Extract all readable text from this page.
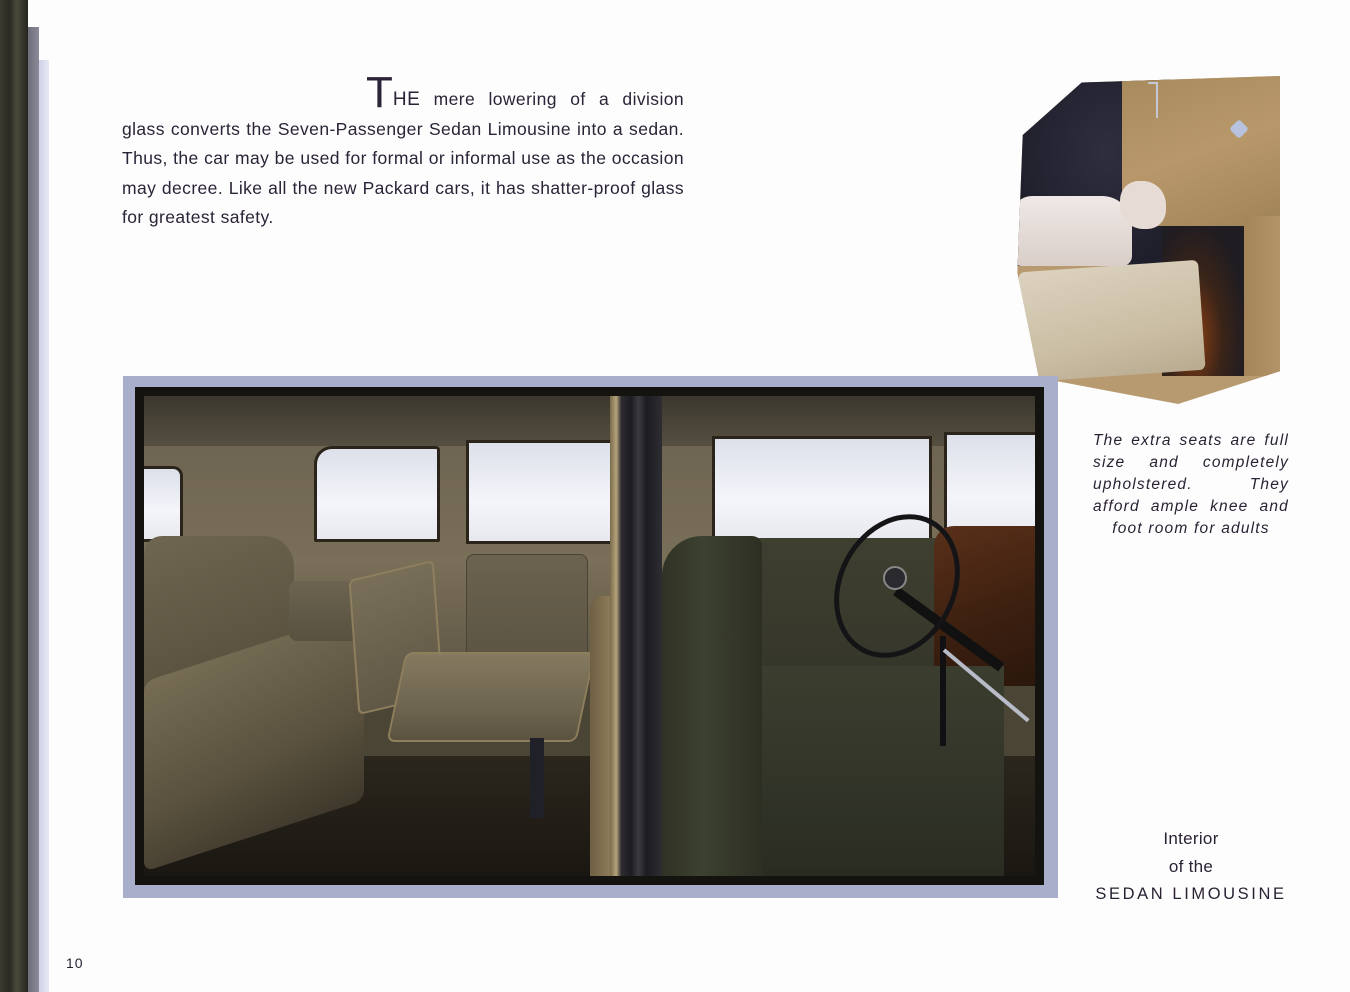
THE mere lowering of a division
glass converts the Seven-Passenger Sedan Limousine into a sedan. Thus, the car may be used for formal or informal use as the occasion may decree. Like all the new Packard cars, it has shatter-proof glass for greatest safety.
The extra seats are full size and completely upholstered. They afford ample knee and foot room for adults
Interior
of the
SEDAN LIMOUSINE
10
